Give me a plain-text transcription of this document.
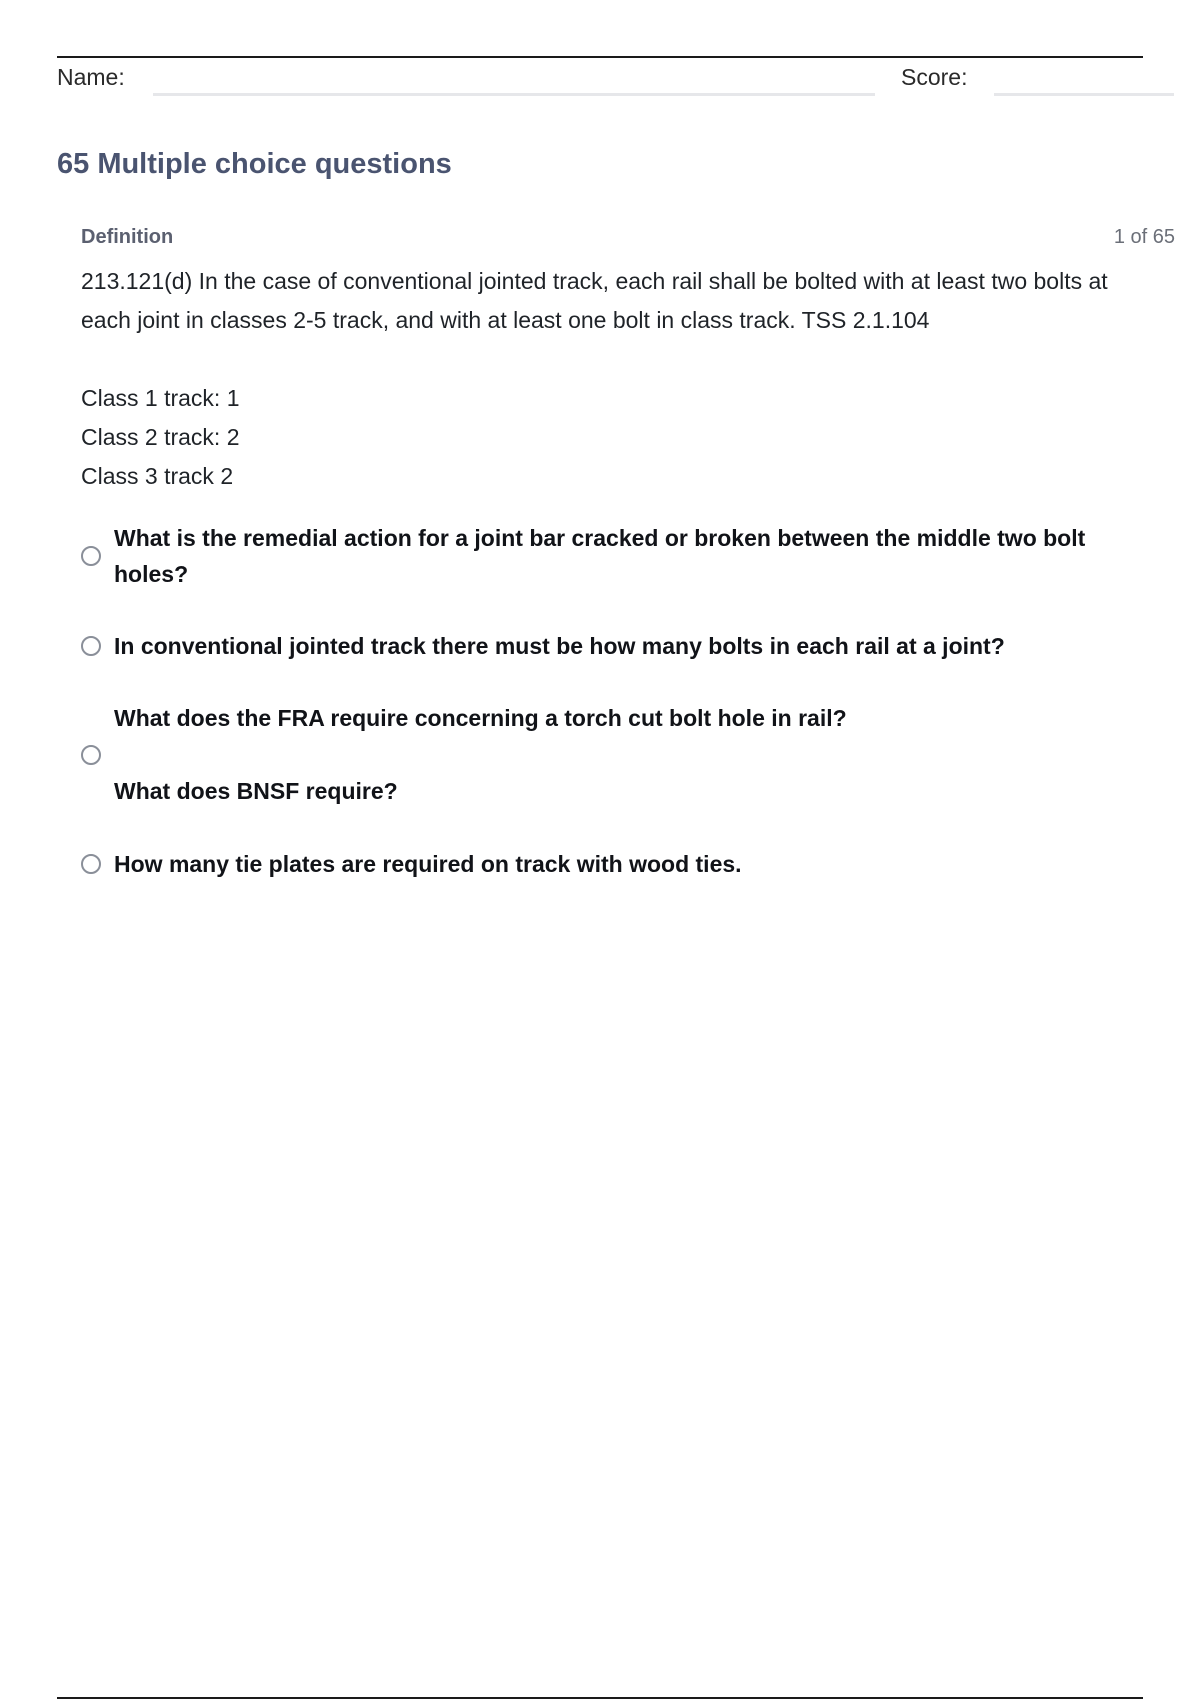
Name:	Score:
65 Multiple choice questions
Definition	1 of 65

213.121(d) In the case of conventional jointed track, each rail shall be bolted with at least two bolts at each joint in classes 2-5 track, and with at least one bolt in class track. TSS 2.1.104

Class 1 track: 1

Class 2 track: 2

Class 3 track 2

What is the remedial action for a joint bar cracked or broken between the middle two bolt holes?

In conventional jointed track there must be how many bolts in each rail at a joint?

What does the FRA require concerning a torch cut bolt hole in rail?

What does BNSF require?

How many tie plates are required on track with wood ties.
